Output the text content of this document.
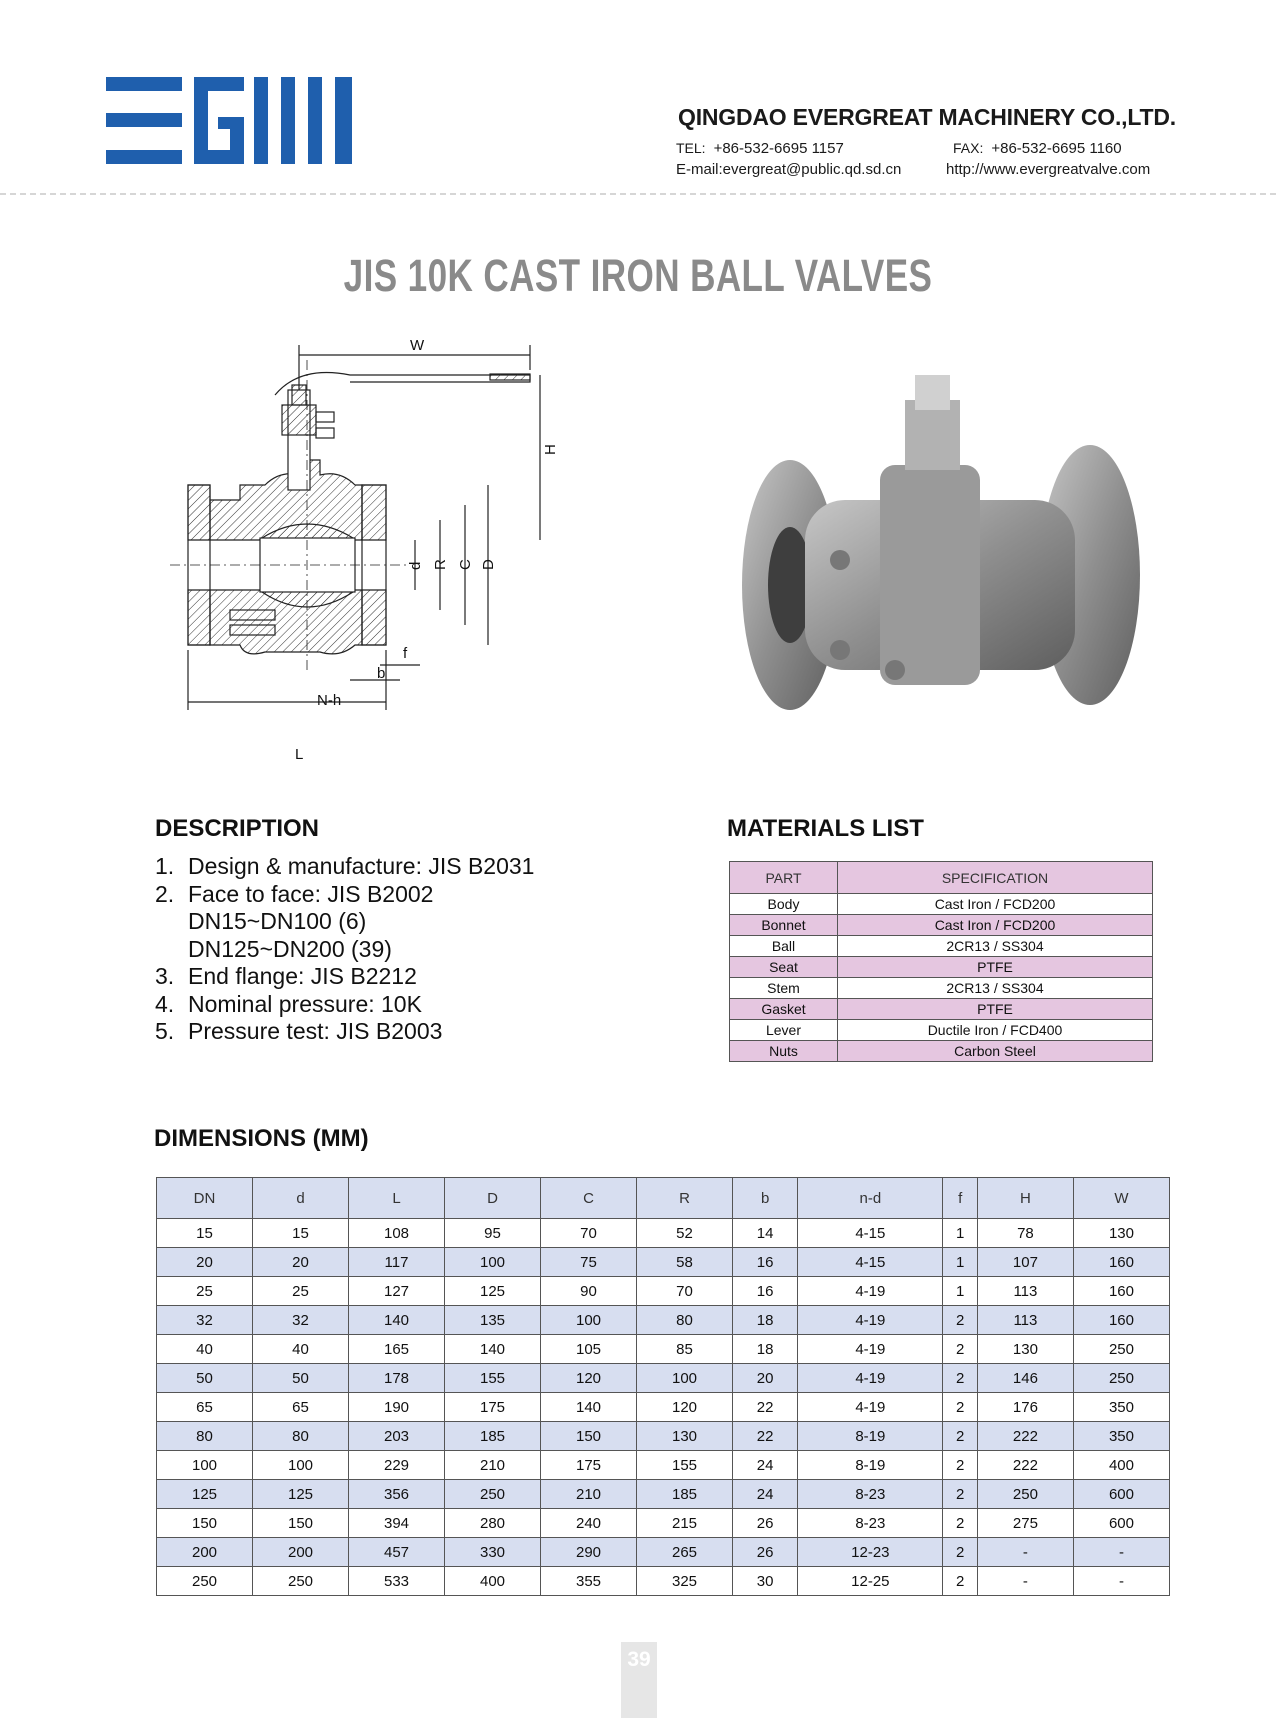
QINGDAO EVERGREAT MACHINERY CO.,LTD.
TEL: +86-532-6695 1157	FAX: +86-532-6695 1160
E-mail:evergreat@public.qd.sd.cn	http://www.evergreatvalve.com
JIS 10K CAST IRON BALL VALVES
W
H
d R C D
N-h
f
b
L
DESCRIPTION
1. Design & manufacture: JIS B2031
2. Face to face: JIS B2002
DN15~DN100 (6)
DN125~DN200 (39)
3. End flange: JIS B2212
4. Nominal pressure: 10K
5. Pressure test: JIS B2003
MATERIALS LIST
PART	SPECIFICATION
Body	Cast Iron / FCD200
Bonnet	Cast Iron / FCD200
Ball	2CR13 / SS304
Seat	PTFE
Stem	2CR13 / SS304
Gasket	PTFE
Lever	Ductile Iron / FCD400
Nuts	Carbon Steel
DIMENSIONS (MM)
DN	d	L	D	C	R	b	n-d	f	H	W
15	15	108	95	70	52	14	4-15	1	78	130
20	20	117	100	75	58	16	4-15	1	107	160
25	25	127	125	90	70	16	4-19	1	113	160
32	32	140	135	100	80	18	4-19	2	113	160
40	40	165	140	105	85	18	4-19	2	130	250
50	50	178	155	120	100	20	4-19	2	146	250
65	65	190	175	140	120	22	4-19	2	176	350
80	80	203	185	150	130	22	8-19	2	222	350
100	100	229	210	175	155	24	8-19	2	222	400
125	125	356	250	210	185	24	8-23	2	250	600
150	150	394	280	240	215	26	8-23	2	275	600
200	200	457	330	290	265	26	12-23	2	-	-
250	250	533	400	355	325	30	12-25	2	-	-
39
